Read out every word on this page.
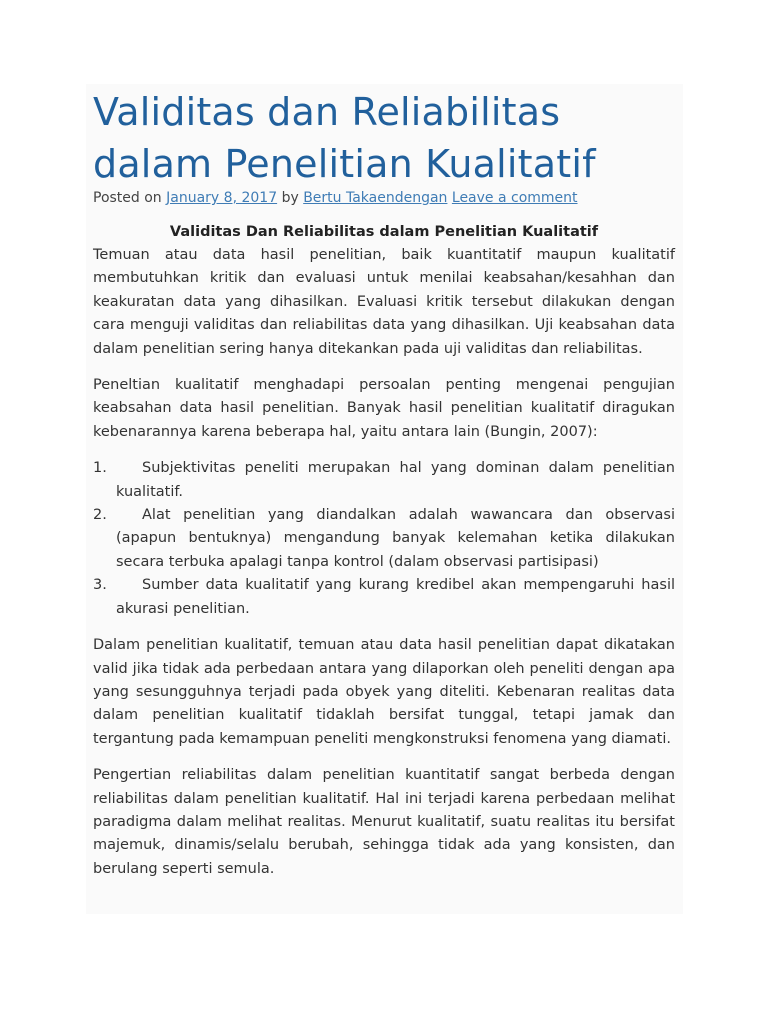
Validitas dan Reliabilitas dalam Penelitian Kualitatif
Posted on January 8, 2017 by Bertu Takaendengan Leave a comment
Validitas Dan Reliabilitas dalam Penelitian Kualitatif

Temuan atau data hasil penelitian, baik kuantitatif maupun kualitatif membutuhkan kritik dan evaluasi untuk menilai keabsahan/kesahhan dan keakuratan data yang dihasilkan. Evaluasi kritik tersebut dilakukan dengan cara menguji validitas dan reliabilitas data yang dihasilkan. Uji keabsahan data dalam penelitian sering hanya ditekankan pada uji validitas dan reliabilitas.

Peneltian kualitatif menghadapi persoalan penting mengenai pengujian keabsahan data hasil penelitian. Banyak hasil penelitian kualitatif diragukan kebenarannya karena beberapa hal, yaitu antara lain (Bungin, 2007):

1. Subjektivitas peneliti merupakan hal yang dominan dalam penelitian kualitatif.
2. Alat penelitian yang diandalkan adalah wawancara dan observasi (apapun bentuknya) mengandung banyak kelemahan ketika dilakukan secara terbuka apalagi tanpa kontrol (dalam observasi partisipasi)
3. Sumber data kualitatif yang kurang kredibel akan mempengaruhi hasil akurasi penelitian.

Dalam penelitian kualitatif, temuan atau data hasil penelitian dapat dikatakan valid jika tidak ada perbedaan antara yang dilaporkan oleh peneliti dengan apa yang sesungguhnya terjadi pada obyek yang diteliti. Kebenaran realitas data dalam penelitian kualitatif tidaklah bersifat tunggal, tetapi jamak dan tergantung pada kemampuan peneliti mengkonstruksi fenomena yang diamati.

Pengertian reliabilitas dalam penelitian kuantitatif sangat berbeda dengan reliabilitas dalam penelitian kualitatif. Hal ini terjadi karena perbedaan melihat paradigma dalam melihat realitas. Menurut kualitatif, suatu realitas itu bersifat majemuk, dinamis/selalu berubah, sehingga tidak ada yang konsisten, dan berulang seperti semula.
